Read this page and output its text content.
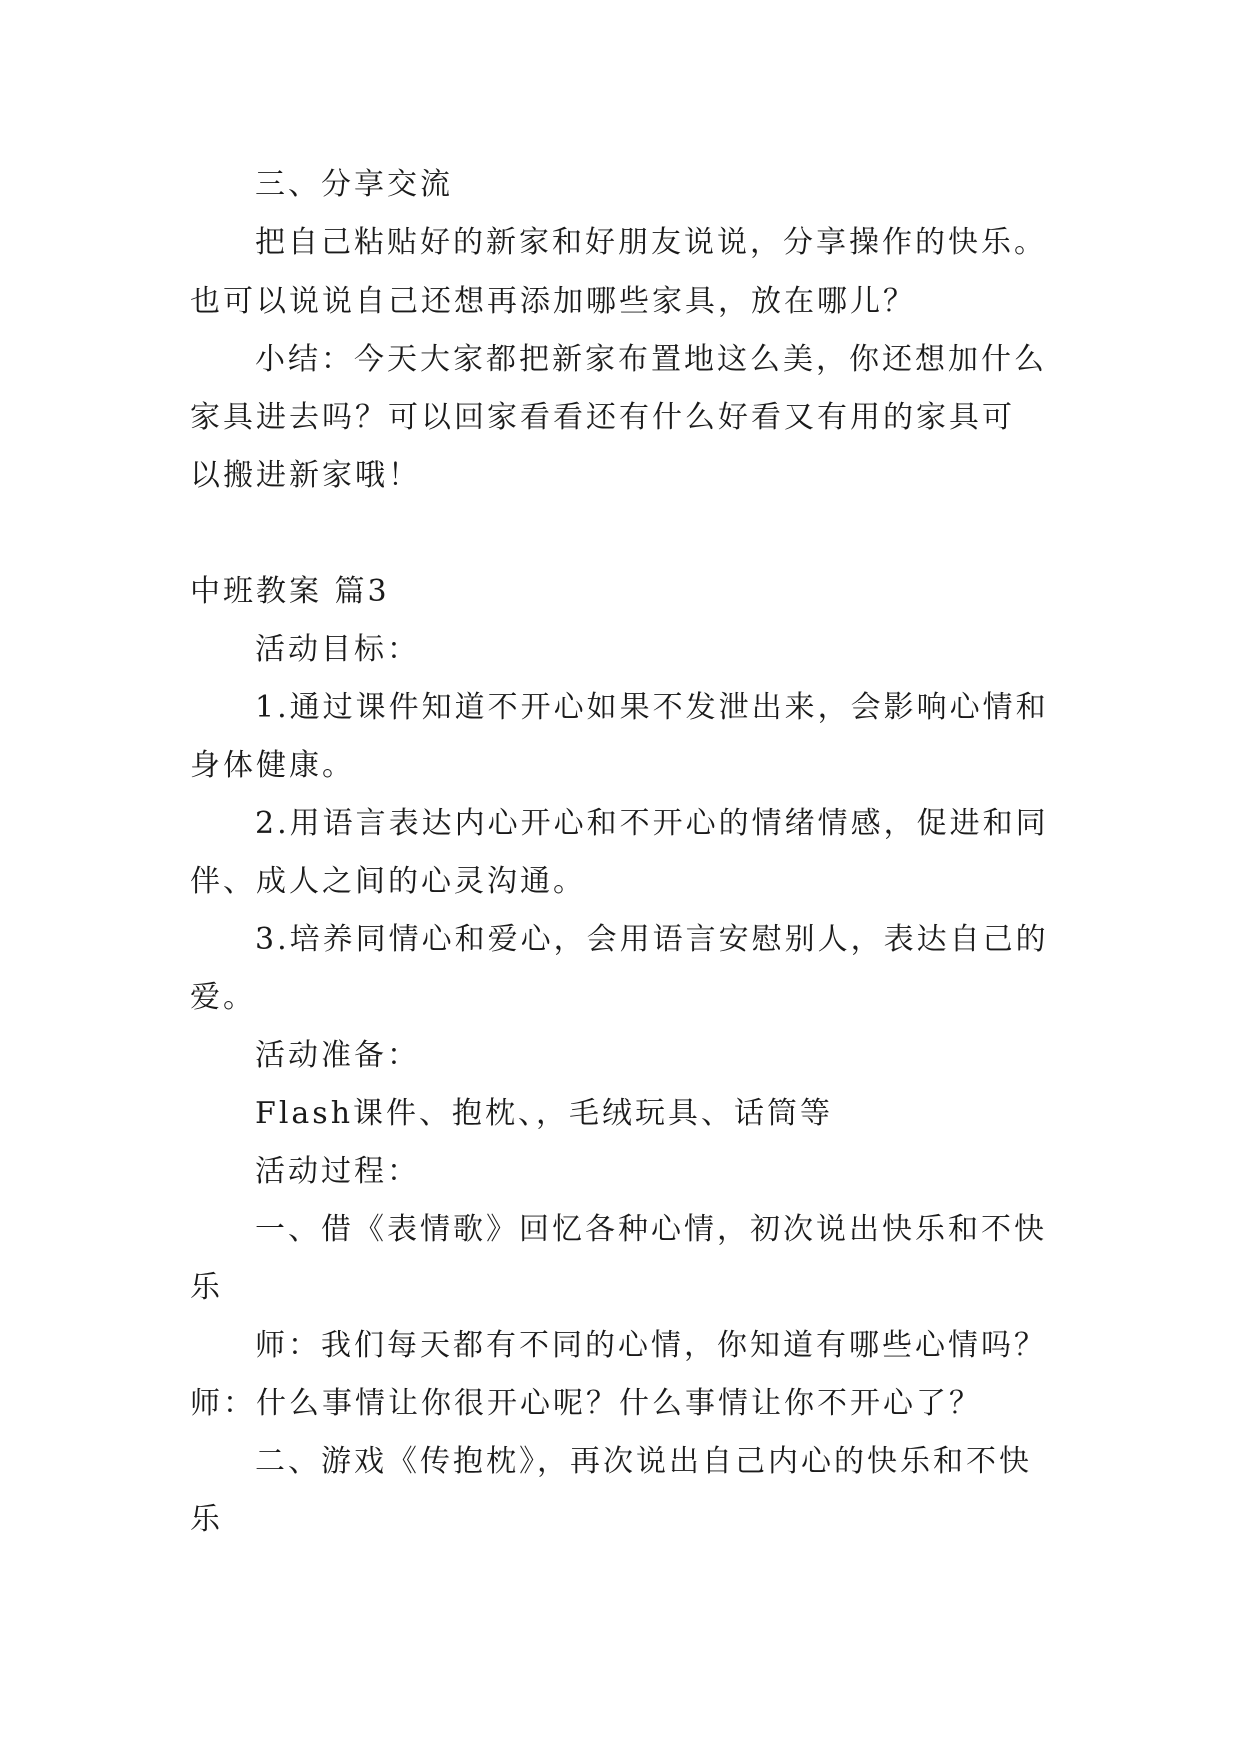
三、分享交流
把自己粘贴好的新家和好朋友说说，分享操作的快乐。
也可以说说自己还想再添加哪些家具，放在哪儿？
小结：今天大家都把新家布置地这么美，你还想加什么
家具进去吗？可以回家看看还有什么好看又有用的家具可
以搬进新家哦！
中班教案 篇3
活动目标：
1.通过课件知道不开心如果不发泄出来，会影响心情和
身体健康。
2.用语言表达内心开心和不开心的情绪情感，促进和同
伴、成人之间的心灵沟通。
3.培养同情心和爱心，会用语言安慰别人，表达自己的
爱。
活动准备：
Flash课件、抱枕、，毛绒玩具、话筒等
活动过程：
一、借《表情歌》回忆各种心情，初次说出快乐和不快
乐
师：我们每天都有不同的心情，你知道有哪些心情吗？
师：什么事情让你很开心呢？什么事情让你不开心了？
二、游戏《传抱枕》，再次说出自己内心的快乐和不快
乐
